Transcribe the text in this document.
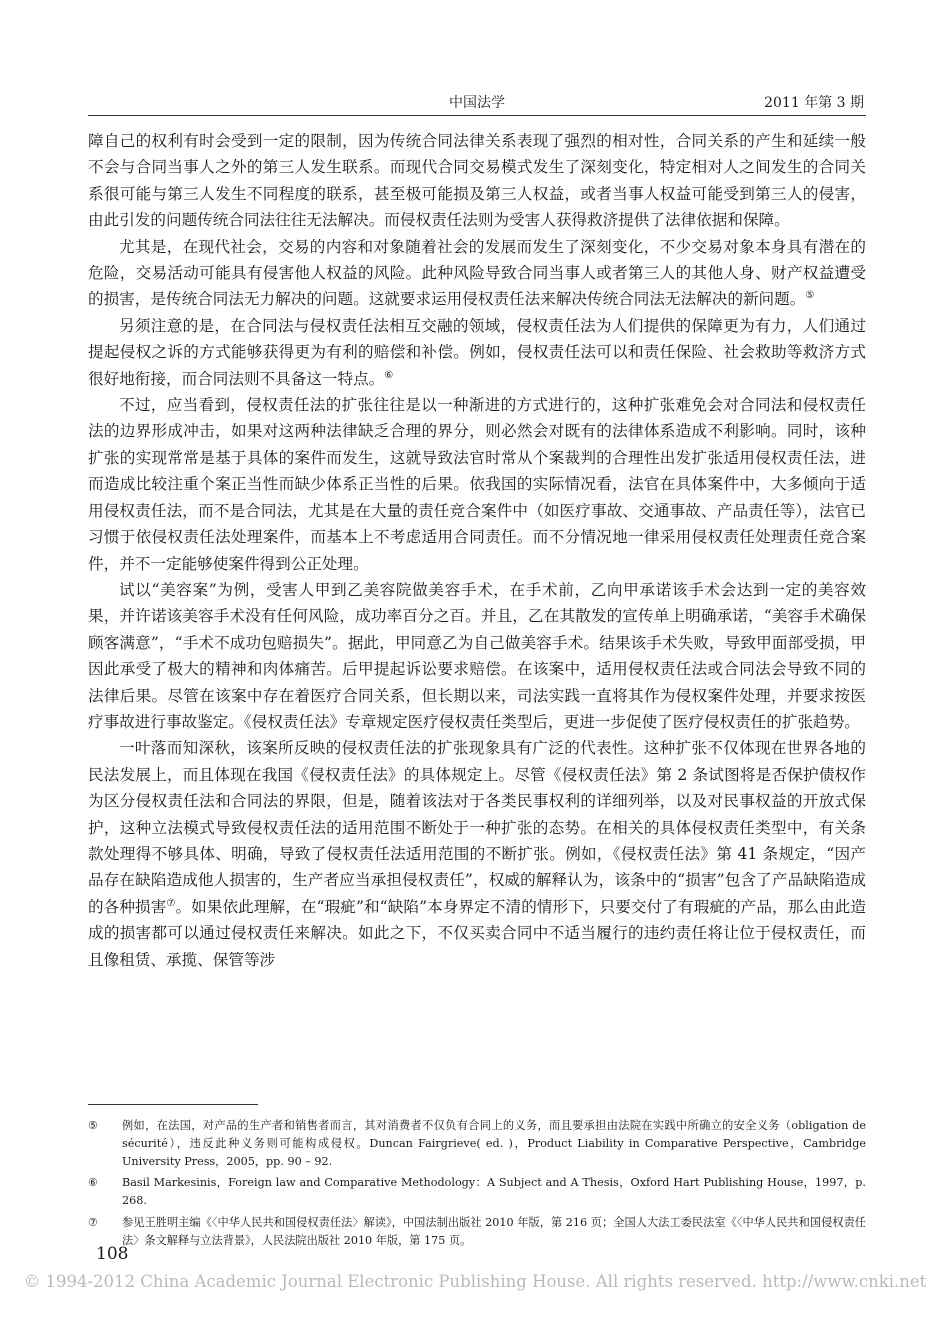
中国法学	2011 年第 3 期

障自己的权利有时会受到一定的限制，因为传统合同法律关系表现了强烈的相对性，合同关系的产生和延续一般不会与合同当事人之外的第三人发生联系。而现代合同交易模式发生了深刻变化，特定相对人之间发生的合同关系很可能与第三人发生不同程度的联系，甚至极可能损及第三人权益，或者当事人权益可能受到第三人的侵害，由此引发的问题传统合同法往往无法解决。而侵权责任法则为受害人获得救济提供了法律依据和保障。

尤其是，在现代社会，交易的内容和对象随着社会的发展而发生了深刻变化，不少交易对象本身具有潜在的危险，交易活动可能具有侵害他人权益的风险。此种风险导致合同当事人或者第三人的其他人身、财产权益遭受的损害，是传统合同法无力解决的问题。这就要求运用侵权责任法来解决传统合同法无法解决的新问题。⑤

另须注意的是，在合同法与侵权责任法相互交融的领域，侵权责任法为人们提供的保障更为有力，人们通过提起侵权之诉的方式能够获得更为有利的赔偿和补偿。例如，侵权责任法可以和责任保险、社会救助等救济方式很好地衔接，而合同法则不具备这一特点。⑥

不过，应当看到，侵权责任法的扩张往往是以一种渐进的方式进行的，这种扩张难免会对合同法和侵权责任法的边界形成冲击，如果对这两种法律缺乏合理的界分，则必然会对既有的法律体系造成不利影响。同时，该种扩张的实现常常是基于具体的案件而发生，这就导致法官时常从个案裁判的合理性出发扩张适用侵权责任法，进而造成比较注重个案正当性而缺少体系正当性的后果。依我国的实际情况看，法官在具体案件中，大多倾向于适用侵权责任法，而不是合同法，尤其是在大量的责任竞合案件中（如医疗事故、交通事故、产品责任等），法官已习惯于依侵权责任法处理案件，而基本上不考虑适用合同责任。而不分情况地一律采用侵权责任处理责任竞合案件，并不一定能够使案件得到公正处理。

试以“美容案”为例，受害人甲到乙美容院做美容手术，在手术前，乙向甲承诺该手术会达到一定的美容效果，并许诺该美容手术没有任何风险，成功率百分之百。并且，乙在其散发的宣传单上明确承诺，“美容手术确保顾客满意”，“手术不成功包赔损失”。据此，甲同意乙为自己做美容手术。结果该手术失败，导致甲面部受损，甲因此承受了极大的精神和肉体痛苦。后甲提起诉讼要求赔偿。在该案中，适用侵权责任法或合同法会导致不同的法律后果。尽管在该案中存在着医疗合同关系，但长期以来，司法实践一直将其作为侵权案件处理，并要求按医疗事故进行事故鉴定。《侵权责任法》专章规定医疗侵权责任类型后，更进一步促使了医疗侵权责任的扩张趋势。

一叶落而知深秋，该案所反映的侵权责任法的扩张现象具有广泛的代表性。这种扩张不仅体现在世界各地的民法发展上，而且体现在我国《侵权责任法》的具体规定上。尽管《侵权责任法》第 2 条试图将是否保护债权作为区分侵权责任法和合同法的界限，但是，随着该法对于各类民事权利的详细列举，以及对民事权益的开放式保护，这种立法模式导致侵权责任法的适用范围不断处于一种扩张的态势。在相关的具体侵权责任类型中，有关条款处理得不够具体、明确，导致了侵权责任法适用范围的不断扩张。例如，《侵权责任法》第 41 条规定，“因产品存在缺陷造成他人损害的，生产者应当承担侵权责任”，权威的解释认为，该条中的“损害”包含了产品缺陷造成的各种损害⑦。如果依此理解，在“瑕疵”和“缺陷”本身界定不清的情形下，只要交付了有瑕疵的产品，那么由此造成的损害都可以通过侵权责任来解决。如此之下，不仅买卖合同中不适当履行的违约责任将让位于侵权责任，而且像租赁、承揽、保管等涉

⑤ 例如，在法国，对产品的生产者和销售者而言，其对消费者不仅负有合同上的义务，而且要承担由法院在实践中所确立的安全义务（obligation de sécurité），违反此种义务则可能构成侵权。Duncan Fairgrieve( ed. )，Product Liability in Comparative Perspective，Cambridge University Press，2005，pp. 90 – 92.
⑥ Basil Markesinis，Foreign law and Comparative Methodology：A Subject and A Thesis，Oxford Hart Publishing House，1997，p. 268.
⑦ 参见王胜明主编《〈中华人民共和国侵权责任法〉解读》，中国法制出版社 2010 年版，第 216 页；全国人大法工委民法室《〈中华人民共和国侵权责任法〉条文解释与立法背景》，人民法院出版社 2010 年版，第 175 页。
108
© 1994-2012 China Academic Journal Electronic Publishing House. All rights reserved. http://www.cnki.net
